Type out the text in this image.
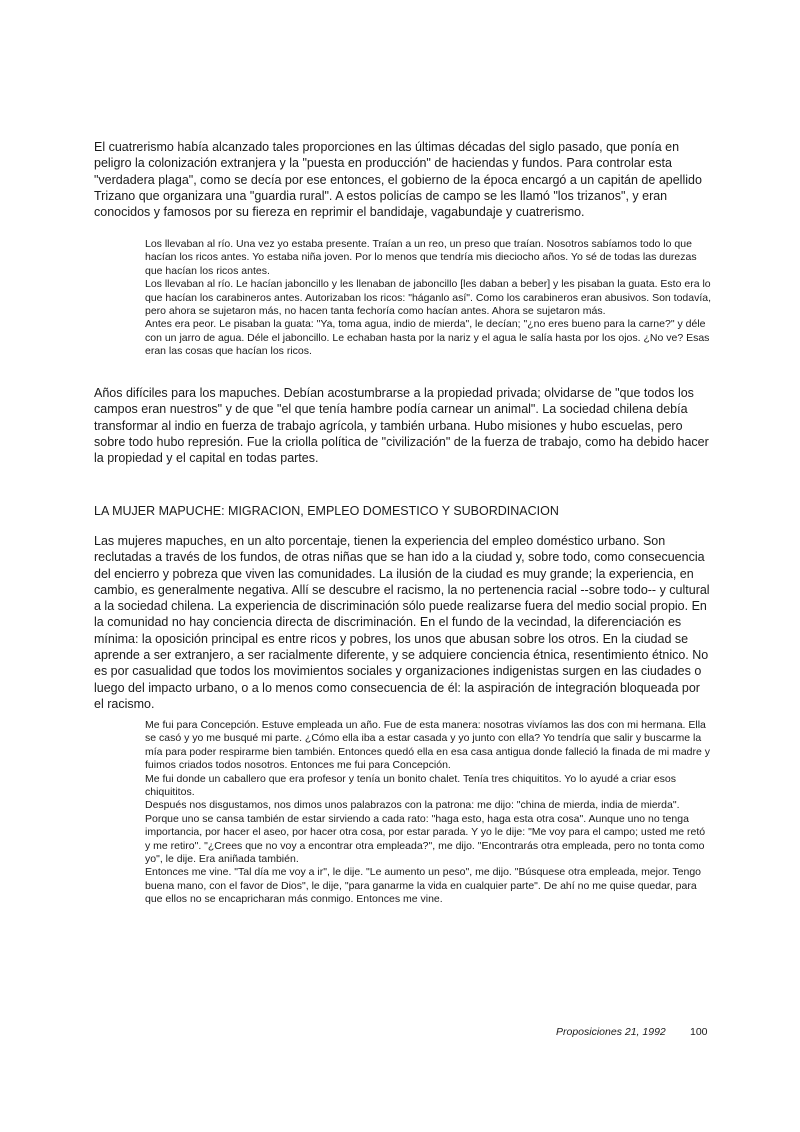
El cuatrerismo había alcanzado tales proporciones en las últimas décadas del siglo pasado, que ponía en peligro la colonización extranjera y la "puesta en producción" de haciendas y fundos. Para controlar esta "verdadera plaga", como se decía por ese entonces, el gobierno de la época encargó a un capitán de apellido Trizano que organizara una "guardia rural". A estos policías de campo se les llamó "los trizanos", y eran conocidos y famosos por su fiereza en reprimir el bandidaje, vagabundaje y cuatrerismo.

Los llevaban al río. Una vez yo estaba presente. Traían a un reo, un preso que traían. Nosotros sabíamos todo lo que hacían los ricos antes. Yo estaba niña joven. Por lo menos que tendría mis dieciocho años. Yo sé de todas las durezas que hacían los ricos antes.

Los llevaban al río. Le hacían jaboncillo y les llenaban de jaboncillo [les daban a beber] y les pisaban la guata. Esto era lo que hacían los carabineros antes. Autorizaban los ricos: "háganlo así". Como los carabineros eran abusivos. Son todavía, pero ahora se sujetaron más, no hacen tanta fechoría como hacían antes. Ahora se sujetaron más.

Antes era peor. Le pisaban la guata: "Ya, toma agua, indio de mierda", le decían; "¿no eres bueno para la carne?" y déle con un jarro de agua. Déle el jaboncillo. Le echaban hasta por la nariz y el agua le salía hasta por los ojos. ¿No ve? Esas eran las cosas que hacían los ricos.

Años difíciles para los mapuches. Debían acostumbrarse a la propiedad privada; olvidarse de "que todos los campos eran nuestros" y de que "el que tenía hambre podía carnear un animal". La sociedad chilena debía transformar al indio en fuerza de trabajo agrícola, y también urbana. Hubo misiones y hubo escuelas, pero sobre todo hubo represión. Fue la criolla política de "civilización" de la fuerza de trabajo, como ha debido hacer la propiedad y el capital en todas partes.

LA MUJER MAPUCHE: MIGRACION, EMPLEO DOMESTICO Y SUBORDINACION

Las mujeres mapuches, en un alto porcentaje, tienen la experiencia del empleo doméstico urbano. Son reclutadas a través de los fundos, de otras niñas que se han ido a la ciudad y, sobre todo, como consecuencia del encierro y pobreza que viven las comunidades. La ilusión de la ciudad es muy grande; la experiencia, en cambio, es generalmente negativa. Allí se descubre el racismo, la no pertenencia racial --sobre todo-- y cultural a la sociedad chilena. La experiencia de discriminación sólo puede realizarse fuera del medio social propio. En la comunidad no hay conciencia directa de discriminación. En el fundo de la vecindad, la diferenciación es mínima: la oposición principal es entre ricos y pobres, los unos que abusan sobre los otros. En la ciudad se aprende a ser extranjero, a ser racialmente diferente, y se adquiere conciencia étnica, resentimiento étnico. No es por casualidad que todos los movimientos sociales y organizaciones indigenistas surgen en las ciudades o luego del impacto urbano, o a lo menos como consecuencia de él: la aspiración de integración bloqueada por el racismo.

Me fui para Concepción. Estuve empleada un año. Fue de esta manera: nosotras vivíamos las dos con mi hermana. Ella se casó y yo me busqué mi parte. ¿Cómo ella iba a estar casada y yo junto con ella? Yo tendría que salir y buscarme la mía para poder respirarme bien también. Entonces quedó ella en esa casa antigua donde falleció la finada de mi madre y fuimos criados todos nosotros. Entonces me fui para Concepción.

Me fui donde un caballero que era profesor y tenía un bonito chalet. Tenía tres chiquititos. Yo lo ayudé a criar esos chiquititos.

Después nos disgustamos, nos dimos unos palabrazos con la patrona: me dijo: "china de mierda, india de mierda". Porque uno se cansa también de estar sirviendo a cada rato: "haga esto, haga esta otra cosa". Aunque uno no tenga importancia, por hacer el aseo, por hacer otra cosa, por estar parada. Y yo le dije: "Me voy para el campo; usted me retó y me retiro". "¿Crees que no voy a encontrar otra empleada?", me dijo. "Encontrarás otra empleada, pero no tonta como yo", le dije. Era aniñada también.

Entonces me vine. "Tal día me voy a ir", le dije. "Le aumento un peso", me dijo. "Búsquese otra empleada, mejor. Tengo buena mano, con el favor de Dios", le dije, "para ganarme la vida en cualquier parte". De ahí no me quise quedar, para que ellos no se encapricharan más conmigo. Entonces me vine.

Proposiciones 21, 1992 100
